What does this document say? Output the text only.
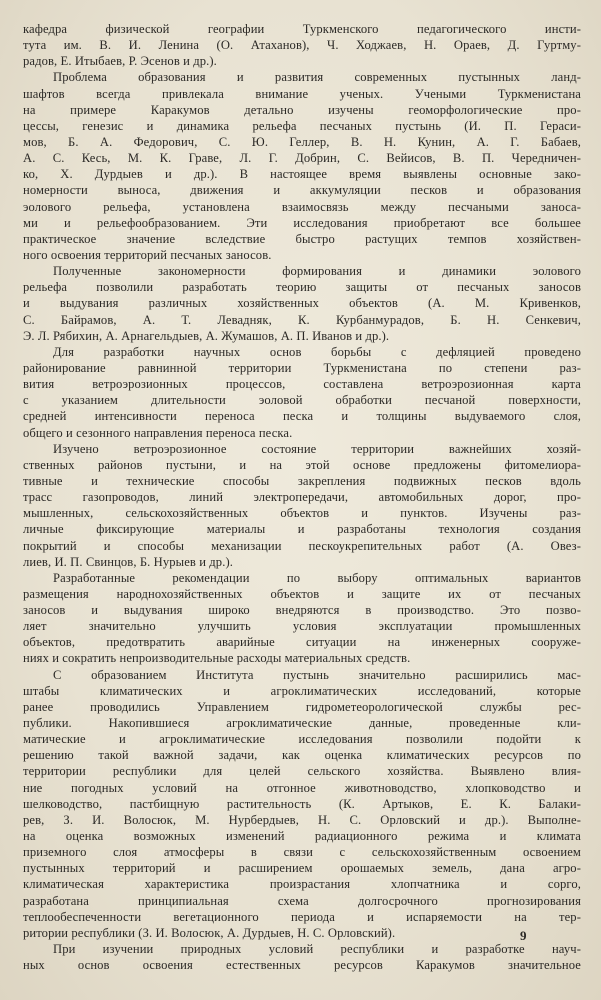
кафедра физической географии Туркменского педагогического инсти-
тута им. В. И. Ленина (О. Атаханов), Ч. Ходжаев, Н. Ораев, Д. Гуртму-
радов, Е. Итыбаев, Р. Эсенов и др.).
Проблема образования и развития современных пустынных ланд-
шафтов всегда привлекала внимание ученых. Учеными Туркменистана
на примере Каракумов детально изучены геоморфологические про-
цессы, генезис и динамика рельефа песчаных пустынь (И. П. Гераси-
мов, Б. А. Федорович, С. Ю. Геллер, В. Н. Кунин, А. Г. Бабаев,
А. С. Кесь, М. К. Граве, Л. Г. Добрин, С. Вейисов, В. П. Чередничен-
ко, Х. Дурдыев и др.). В настоящее время выявлены основные зако-
номерности выноса, движения и аккумуляции песков и образования
эолового рельефа, установлена взаимосвязь между песчаными заноса-
ми и рельефообразованием. Эти исследования приобретают все большее
практическое значение вследствие быстро растущих темпов хозяйствен-
ного освоения территорий песчаных заносов.
Полученные закономерности формирования и динамики эолового
рельефа позволили разработать теорию защиты от песчаных заносов
и выдувания различных хозяйственных объектов (А. М. Кривенков,
С. Байрамов, А. Т. Левадняк, К. Курбанмурадов, Б. Н. Сенкевич,
Э. Л. Рябихин, А. Арнагельдыев, А. Жумашов, А. П. Иванов и др.).
Для разработки научных основ борьбы с дефляцией проведено
районирование равнинной территории Туркменистана по степени раз-
вития ветроэрозионных процессов, составлена ветроэрозионная карта
с указанием длительности эоловой обработки песчаной поверхности,
средней интенсивности переноса песка и толщины выдуваемого слоя,
общего и сезонного направления переноса песка.
Изучено ветроэрозионное состояние территории важнейших хозяй-
ственных районов пустыни, и на этой основе предложены фитомелиора-
тивные и технические способы закрепления подвижных песков вдоль
трасс газопроводов, линий электропередачи, автомобильных дорог, про-
мышленных, сельскохозяйственных объектов и пунктов. Изучены раз-
личные фиксирующие материалы и разработаны технология создания
покрытий и способы механизации пескоукрепительных работ (А. Овез-
лиев, И. П. Свинцов, Б. Нурыев и др.).
Разработанные рекомендации по выбору оптимальных вариантов
размещения народнохозяйственных объектов и защите их от песчаных
заносов и выдувания широко внедряются в производство. Это позво-
ляет значительно улучшить условия эксплуатации промышленных
объектов, предотвратить аварийные ситуации на инженерных сооруже-
ниях и сократить непроизводительные расходы материальных средств.
С образованием Института пустынь значительно расширились мас-
штабы климатических и агроклиматических исследований, которые
ранее проводились Управлением гидрометеорологической службы рес-
публики. Накопившиеся агроклиматические данные, проведенные кли-
матические и агроклиматические исследования позволили подойти к
решению такой важной задачи, как оценка климатических ресурсов по
территории республики для целей сельского хозяйства. Выявлено влия-
ние погодных условий на отгонное животноводство, хлопководство и
шелководство, пастбищную растительность (К. Артыков, Е. К. Балаки-
рев, З. И. Волосюк, М. Нурбердыев, Н. С. Орловский и др.). Выполне-
на оценка возможных изменений радиационного режима и климата
приземного слоя атмосферы в связи с сельскохозяйственным освоением
пустынных территорий и расширением орошаемых земель, дана агро-
климатическая характеристика произрастания хлопчатника и сорго,
разработана принципиальная схема долгосрочного прогнозирования
теплообеспеченности вегетационного периода и испаряемости на тер-
ритории республики (З. И. Волосюк, А. Дурдыев, Н. С. Орловский).
При изучении природных условий республики и разработке науч-
ных основ освоения естественных ресурсов Каракумов значительное
9
